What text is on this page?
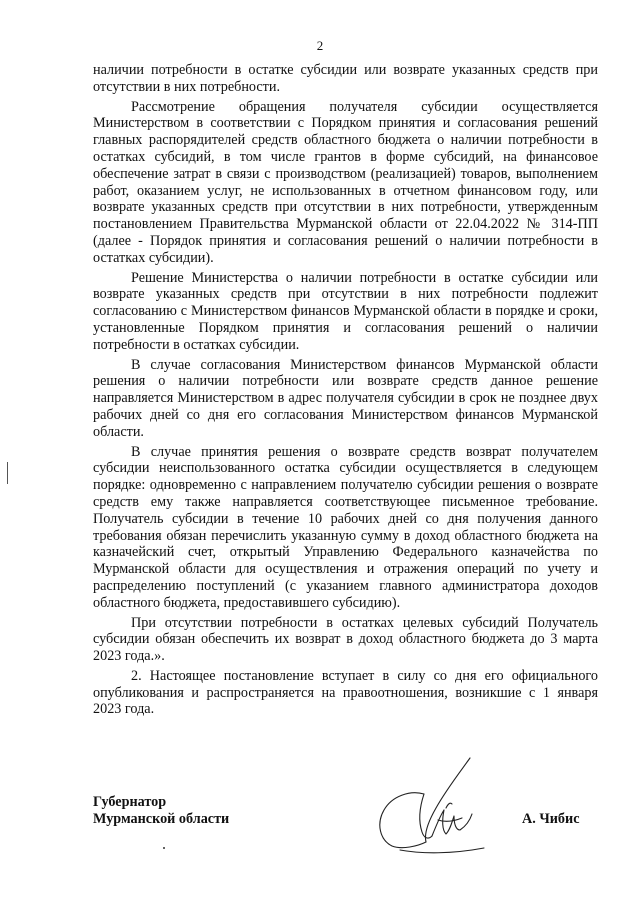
2

наличии потребности в остатке субсидии или возврате указанных средств при отсутствии в них потребности.

Рассмотрение обращения получателя субсидии осуществляется Министерством в соответствии с Порядком принятия и согласования решений главных распорядителей средств областного бюджета о наличии потребности в остатках субсидий, в том числе грантов в форме субсидий, на финансовое обеспечение затрат в связи с производством (реализацией) товаров, выполнением работ, оказанием услуг, не использованных в отчетном финансовом году, или возврате указанных средств при отсутствии в них потребности, утвержденным постановлением Правительства Мурманской области от 22.04.2022 № 314-ПП (далее - Порядок принятия и согласования решений о наличии потребности в остатках субсидии).

Решение Министерства о наличии потребности в остатке субсидии или возврате указанных средств при отсутствии в них потребности подлежит согласованию с Министерством финансов Мурманской области в порядке и сроки, установленные Порядком принятия и согласования решений о наличии потребности в остатках субсидии.

В случае согласования Министерством финансов Мурманской области решения о наличии потребности или возврате средств данное решение направляется Министерством в адрес получателя субсидии в срок не позднее двух рабочих дней со дня его согласования Министерством финансов Мурманской области.

В случае принятия решения о возврате средств возврат получателем субсидии неиспользованного остатка субсидии осуществляется в следующем порядке: одновременно с направлением получателю субсидии решения о возврате средств ему также направляется соответствующее письменное требование. Получатель субсидии в течение 10 рабочих дней со дня получения данного требования обязан перечислить указанную сумму в доход областного бюджета на казначейский счет, открытый Управлению Федерального казначейства по Мурманской области для осуществления и отражения операций по учету и распределению поступлений (с указанием главного администратора доходов областного бюджета, предоставившего субсидию).

При отсутствии потребности в остатках целевых субсидий Получатель субсидии обязан обеспечить их возврат в доход областного бюджета до 3 марта 2023 года.».

2. Настоящее постановление вступает в силу со дня его официального опубликования и распространяется на правоотношения, возникшие с 1 января 2023 года.

Губернатор
Мурманской области	А. Чибис
